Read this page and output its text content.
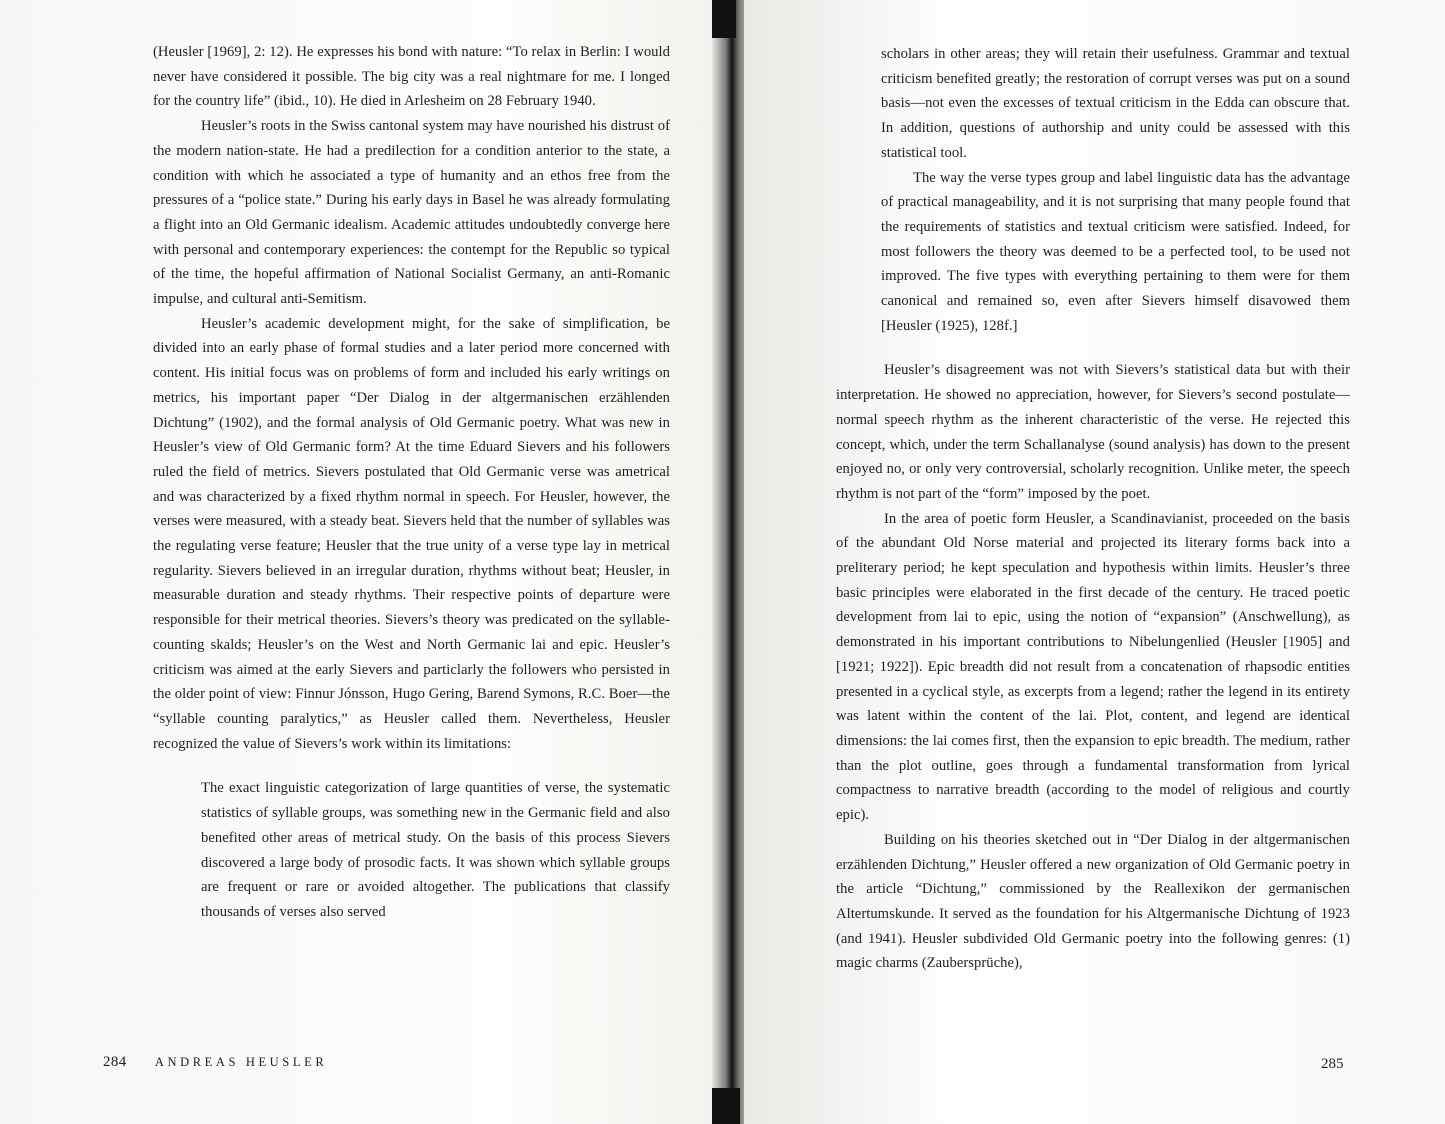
(Heusler [1969], 2: 12). He expresses his bond with nature: “To relax in Berlin: I would never have considered it possible. The big city was a real nightmare for me. I longed for the country life” (ibid., 10). He died in Arlesheim on 28 February 1940.

Heusler’s roots in the Swiss cantonal system may have nourished his distrust of the modern nation-state. He had a predilection for a condition anterior to the state, a condition with which he associated a type of humanity and an ethos free from the pressures of a “police state.” During his early days in Basel he was already formulating a flight into an Old Germanic idealism. Academic attitudes undoubtedly converge here with personal and contemporary experiences: the contempt for the Republic so typical of the time, the hopeful affirmation of National Socialist Germany, an anti-Romanic impulse, and cultural anti-Semitism.

Heusler’s academic development might, for the sake of simplification, be divided into an early phase of formal studies and a later period more concerned with content. His initial focus was on problems of form and included his early writings on metrics, his important paper “Der Dialog in der altgermanischen erzählenden Dichtung” (1902), and the formal analysis of Old Germanic poetry. What was new in Heusler’s view of Old Germanic form? At the time Eduard Sievers and his followers ruled the field of metrics. Sievers postulated that Old Germanic verse was ametrical and was characterized by a fixed rhythm normal in speech. For Heusler, however, the verses were measured, with a steady beat. Sievers held that the number of syllables was the regulating verse feature; Heusler that the true unity of a verse type lay in metrical regularity. Sievers believed in an irregular duration, rhythms without beat; Heusler, in measurable duration and steady rhythms. Their respective points of departure were responsible for their metrical theories. Sievers’s theory was predicated on the syllable-counting skalds; Heusler’s on the West and North Germanic lai and epic. Heusler’s criticism was aimed at the early Sievers and particlarly the followers who persisted in the older point of view: Finnur Jónsson, Hugo Gering, Barend Symons, R.C. Boer—the “syllable counting paralytics,” as Heusler called them. Nevertheless, Heusler recognized the value of Sievers’s work within its limitations:

The exact linguistic categorization of large quantities of verse, the systematic statistics of syllable groups, was something new in the Germanic field and also benefited other areas of metrical study. On the basis of this process Sievers discovered a large body of prosodic facts. It was shown which syllable groups are frequent or rare or avoided altogether. The publications that classify thousands of verses also served

284 ANDREAS HEUSLER

scholars in other areas; they will retain their usefulness. Grammar and textual criticism benefited greatly; the restoration of corrupt verses was put on a sound basis—not even the excesses of textual criticism in the Edda can obscure that. In addition, questions of authorship and unity could be assessed with this statistical tool.

The way the verse types group and label linguistic data has the advantage of practical manageability, and it is not surprising that many people found that the requirements of statistics and textual criticism were satisfied. Indeed, for most followers the theory was deemed to be a perfected tool, to be used not improved. The five types with everything pertaining to them were for them canonical and remained so, even after Sievers himself disavowed them [Heusler (1925), 128f.]

Heusler’s disagreement was not with Sievers’s statistical data but with their interpretation. He showed no appreciation, however, for Sievers’s second postulate—normal speech rhythm as the inherent characteristic of the verse. He rejected this concept, which, under the term Schallanalyse (sound analysis) has down to the present enjoyed no, or only very controversial, scholarly recognition. Unlike meter, the speech rhythm is not part of the “form” imposed by the poet.

In the area of poetic form Heusler, a Scandinavianist, proceeded on the basis of the abundant Old Norse material and projected its literary forms back into a preliterary period; he kept speculation and hypothesis within limits. Heusler’s three basic principles were elaborated in the first decade of the century. He traced poetic development from lai to epic, using the notion of “expansion” (Anschwellung), as demonstrated in his important contributions to Nibelungenlied (Heusler [1905] and [1921; 1922]). Epic breadth did not result from a concatenation of rhapsodic entities presented in a cyclical style, as excerpts from a legend; rather the legend in its entirety was latent within the content of the lai. Plot, content, and legend are identical dimensions: the lai comes first, then the expansion to epic breadth. The medium, rather than the plot outline, goes through a fundamental transformation from lyrical compactness to narrative breadth (according to the model of religious and courtly epic).

Building on his theories sketched out in “Der Dialog in der altgermanischen erzählenden Dichtung,” Heusler offered a new organization of Old Germanic poetry in the article “Dichtung,” commissioned by the Reallexikon der germanischen Altertumskunde. It served as the foundation for his Altgermanische Dichtung of 1923 (and 1941). Heusler subdivided Old Germanic poetry into the following genres: (1) magic charms (Zaubersprüche),

285
